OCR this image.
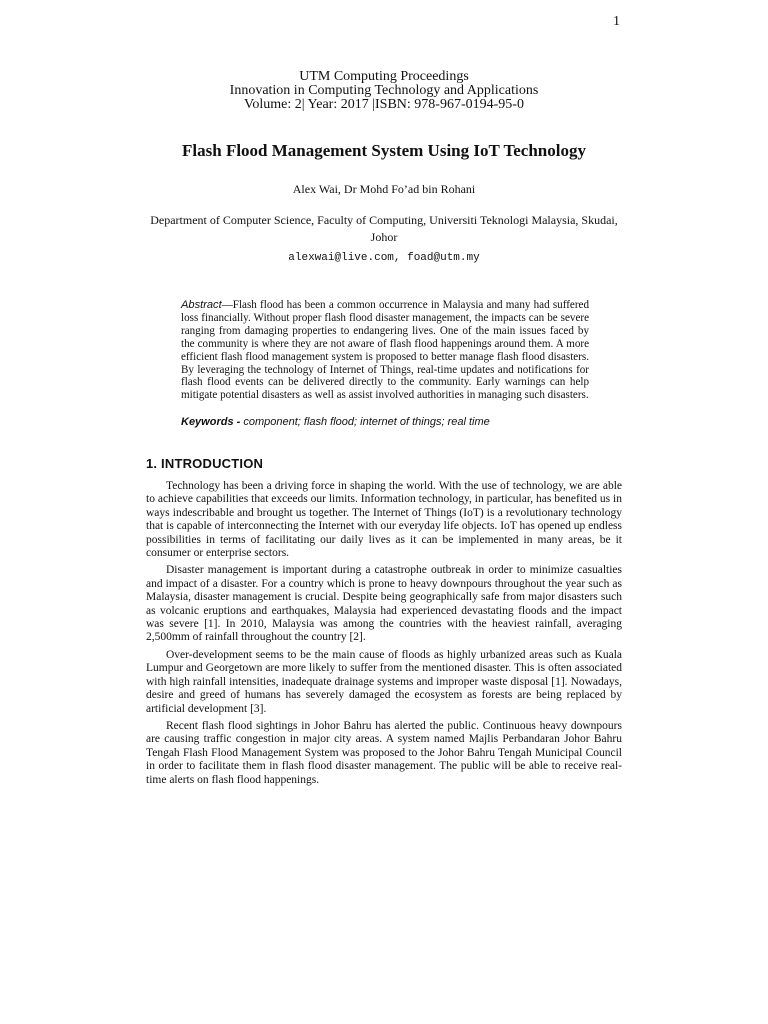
1
UTM Computing Proceedings
Innovation in Computing Technology and Applications
Volume: 2| Year: 2017 |ISBN: 978-967-0194-95-0
Flash Flood Management System Using IoT Technology
Alex Wai, Dr Mohd Fo’ad bin Rohani
Department of Computer Science, Faculty of Computing, Universiti Teknologi Malaysia, Skudai, Johor
alexwai@live.com, foad@utm.my

Abstract—Flash flood has been a common occurrence in Malaysia and many had suffered loss financially. Without proper flash flood disaster management, the impacts can be severe ranging from damaging properties to endangering lives. One of the main issues faced by the community is where they are not aware of flash flood happenings around them. A more efficient flash flood management system is proposed to better manage flash flood disasters. By leveraging the technology of Internet of Things, real-time updates and notifications for flash flood events can be delivered directly to the community. Early warnings can help mitigate potential disasters as well as assist involved authorities in managing such disasters.

Keywords - component; flash flood; internet of things; real time

1. INTRODUCTION

Technology has been a driving force in shaping the world. With the use of technology, we are able to achieve capabilities that exceeds our limits. Information technology, in particular, has benefited us in ways indescribable and brought us together. The Internet of Things (IoT) is a revolutionary technology that is capable of interconnecting the Internet with our everyday life objects. IoT has opened up endless possibilities in terms of facilitating our daily lives as it can be implemented in many areas, be it consumer or enterprise sectors.

Disaster management is important during a catastrophe outbreak in order to minimize casualties and impact of a disaster. For a country which is prone to heavy downpours throughout the year such as Malaysia, disaster management is crucial. Despite being geographically safe from major disasters such as volcanic eruptions and earthquakes, Malaysia had experienced devastating floods and the impact was severe [1]. In 2010, Malaysia was among the countries with the heaviest rainfall, averaging 2,500mm of rainfall throughout the country [2].

Over-development seems to be the main cause of floods as highly urbanized areas such as Kuala Lumpur and Georgetown are more likely to suffer from the mentioned disaster. This is often associated with high rainfall intensities, inadequate drainage systems and improper waste disposal [1]. Nowadays, desire and greed of humans has severely damaged the ecosystem as forests are being replaced by artificial development [3].

Recent flash flood sightings in Johor Bahru has alerted the public. Continuous heavy downpours are causing traffic congestion in major city areas. A system named Majlis Perbandaran Johor Bahru Tengah Flash Flood Management System was proposed to the Johor Bahru Tengah Municipal Council in order to facilitate them in flash flood disaster management. The public will be able to receive real-time alerts on flash flood happenings.
